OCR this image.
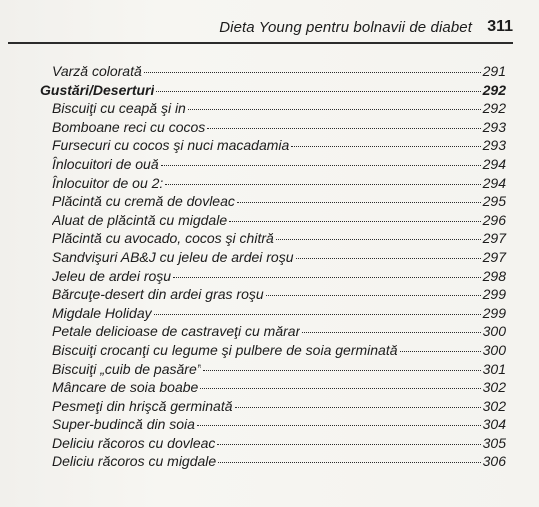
Dieta Young pentru bolnavii de diabet 311
Varză colorată	291
Gustări/Deserturi	292
Biscuiţi cu ceapă şi in	292
Bomboane reci cu cocos	293
Fursecuri cu cocos şi nuci macadamia	293
Înlocuitori de ouă	294
Înlocuitor de ou 2:	294
Plăcintă cu cremă de dovleac	295
Aluat de plăcintă cu migdale	296
Plăcintă cu avocado, cocos şi chitră	297
Sandvişuri AB&J cu jeleu de ardei roşu	297
Jeleu de ardei roşu	298
Bărcuţe-desert din ardei gras roşu	299
Migdale Holiday	299
Petale delicioase de castraveţi cu mărar	300
Biscuiţi crocanţi cu legume şi pulbere de soia germinată	300
Biscuiţi „cuib de pasăre”	301
Mâncare de soia boabe	302
Pesmeţi din hrişcă germinată	302
Super-budincă din soia	304
Deliciu răcoros cu dovleac	305
Deliciu răcoros cu migdale	306
